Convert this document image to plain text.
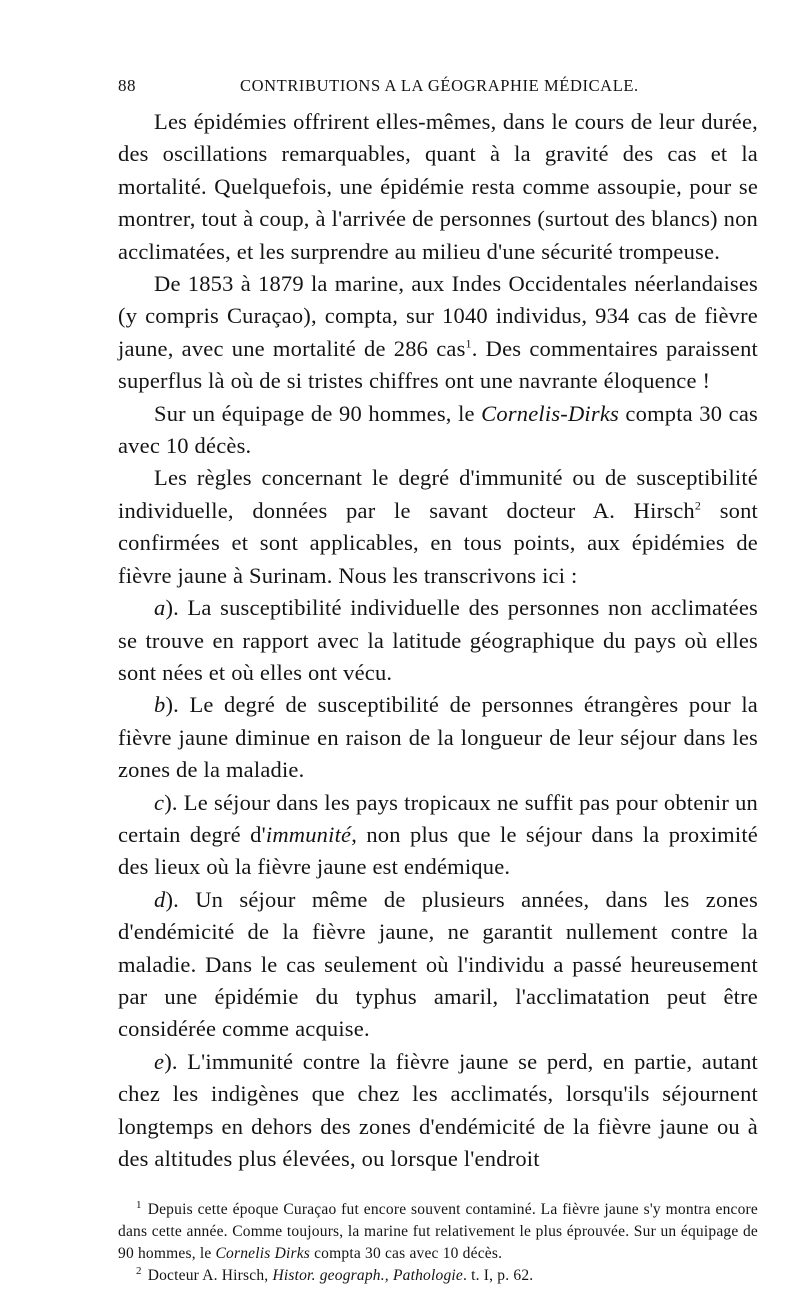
88	CONTRIBUTIONS A LA GÉOGRAPHIE MÉDICALE.

Les épidémies offrirent elles-mêmes, dans le cours de leur durée, des oscillations remarquables, quant à la gravité des cas et la mortalité. Quelquefois, une épidémie resta comme assoupie, pour se montrer, tout à coup, à l'arrivée de personnes (surtout des blancs) non acclimatées, et les surprendre au milieu d'une sécurité trompeuse.

De 1853 à 1879 la marine, aux Indes Occidentales néerlandaises (y compris Curaçao), compta, sur 1040 individus, 934 cas de fièvre jaune, avec une mortalité de 286 cas$^1$. Des commentaires paraissent superflus là où de si tristes chiffres ont une navrante éloquence !

Sur un équipage de 90 hommes, le Cornelis-Dirks compta 30 cas avec 10 décès.

Les règles concernant le degré d'immunité ou de susceptibilité individuelle, données par le savant docteur A. Hirsch$^2$ sont confirmées et sont applicables, en tous points, aux épidémies de fièvre jaune à Surinam. Nous les transcrivons ici :

a). La susceptibilité individuelle des personnes non acclimatées se trouve en rapport avec la latitude géographique du pays où elles sont nées et où elles ont vécu.

b). Le degré de susceptibilité de personnes étrangères pour la fièvre jaune diminue en raison de la longueur de leur séjour dans les zones de la maladie.

c). Le séjour dans les pays tropicaux ne suffit pas pour obtenir un certain degré d'immunité, non plus que le séjour dans la proximité des lieux où la fièvre jaune est endémique.

d). Un séjour même de plusieurs années, dans les zones d'endémicité de la fièvre jaune, ne garantit nullement contre la maladie. Dans le cas seulement où l'individu a passé heureusement par une épidémie du typhus amaril, l'acclimatation peut être considérée comme acquise.

e). L'immunité contre la fièvre jaune se perd, en partie, autant chez les indigènes que chez les acclimatés, lorsqu'ils séjournent longtemps en dehors des zones d'endémicité de la fièvre jaune ou à des altitudes plus élevées, ou lorsque l'endroit

$^1$ Depuis cette époque Curaçao fut encore souvent contaminé. La fièvre jaune s'y montra encore dans cette année. Comme toujours, la marine fut relativement le plus éprouvée. Sur un équipage de 90 hommes, le Cornelis Dirks compta 30 cas avec 10 décès.

$^2$ Docteur A. Hirsch, Histor. geograph., Pathologie. t. I, p. 62.
